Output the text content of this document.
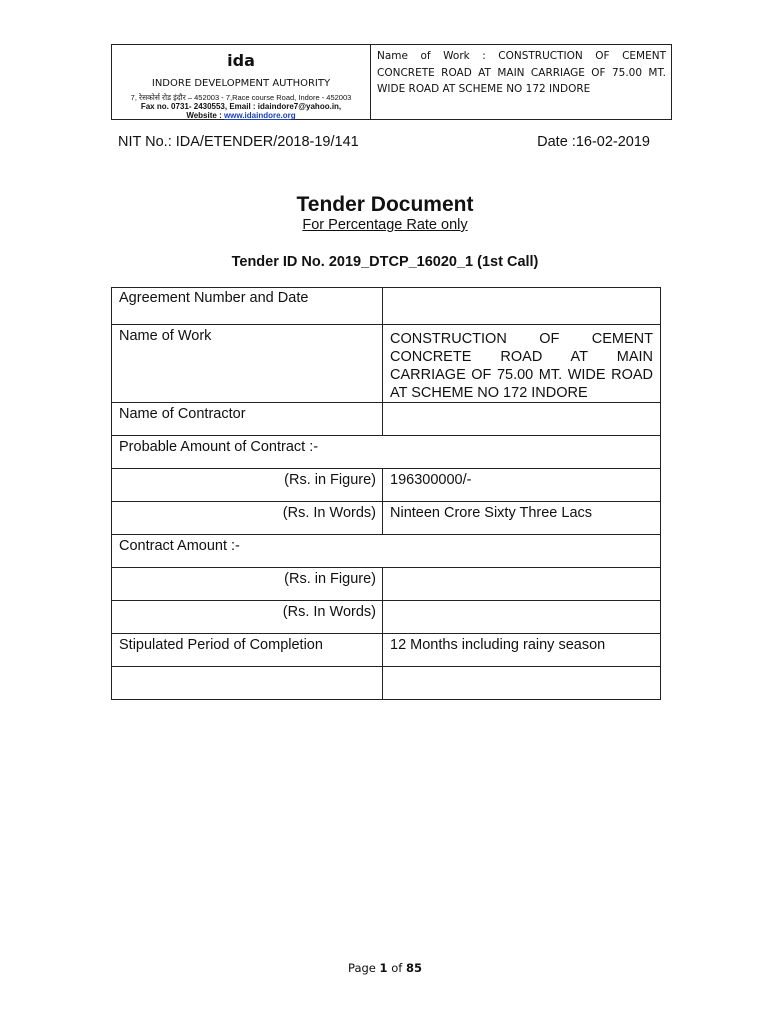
ida
INDORE DEVELOPMENT AUTHORITY
7, रेसकोर्स रोड इंदौर – 452003 - 7,Race course Road, Indore - 452003
Fax no. 0731- 2430553, Email : idaindore7@yahoo.in,
Website : www.idaindore.org
Name of Work : CONSTRUCTION OF CEMENT CONCRETE ROAD AT MAIN CARRIAGE OF 75.00 MT. WIDE ROAD AT SCHEME NO 172 INDORE
NIT No.: IDA/ETENDER/2018-19/141	Date :16-02-2019
Tender Document
For Percentage Rate only
Tender ID No. 2019_DTCP_16020_1 (1st Call)
Agreement Number and Date	
Name of Work	CONSTRUCTION OF CEMENT CONCRETE ROAD AT MAIN CARRIAGE OF 75.00 MT. WIDE ROAD AT SCHEME NO 172 INDORE
Name of Contractor	
Probable Amount of Contract :-	
(Rs. in Figure)	196300000/-
(Rs. In Words)	Ninteen Crore Sixty Three Lacs
Contract Amount :-	
(Rs. in Figure)	
(Rs. In Words)	
Stipulated Period of Completion	12 Months including rainy season

Page 1 of 85
